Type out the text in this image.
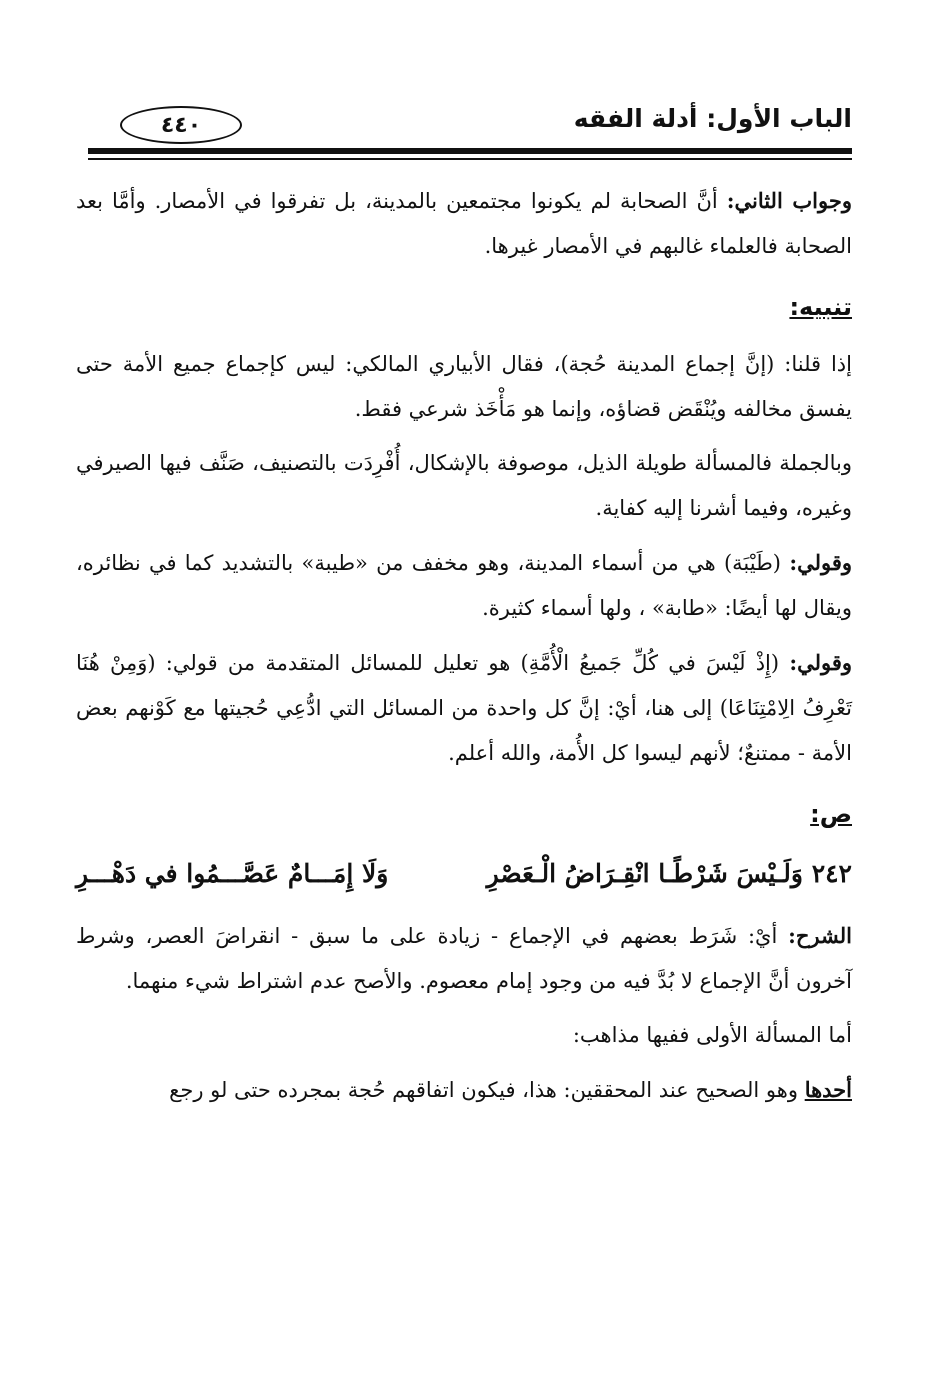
الباب الأول: أدلة الفقه
٤٤٠

وجواب الثاني: أنَّ الصحابة لم يكونوا مجتمعين بالمدينة، بل تفرقوا في الأمصار. وأمَّا بعد الصحابة فالعلماء غالبهم في الأمصار غيرها.

تنبيه:

إذا قلنا: (إنَّ إجماع المدينة حُجة)، فقال الأبياري المالكي: ليس كإجماع جميع الأمة حتى يفسق مخالفه ويُنْقَض قضاؤه، وإنما هو مَأْخَذ شرعي فقط.

وبالجملة فالمسألة طويلة الذيل، موصوفة بالإشكال، أُفْرِدَت بالتصنيف، صَنَّف فيها الصيرفي وغيره، وفيما أشرنا إليه كفاية.

وقولي: (طَيْبَة) هي من أسماء المدينة، وهو مخفف من «طيبة» بالتشديد كما في نظائره، ويقال لها أيضًا: «طابة» ، ولها أسماء كثيرة.

وقولي: (إِذْ لَيْسَ في كُلِّ جَميعُ الْأُمَّةِ) هو تعليل للمسائل المتقدمة من قولي: (وَمِنْ هُنَا تَعْرِفُ الِامْتِنَاعَا) إلى هنا، أيْ: إنَّ كل واحدة من المسائل التي ادُّعِي حُجيتها مع كَوْنهم بعض الأمة - ممتنعٌ؛ لأنهم ليسوا كل الأُمة، والله أعلم.

ص:
٢٤٢ وَلَـيْسَ شَرْطًـا انْقِـرَاضُ الْـعَصْرِ
وَلَا إِمَـــامٌ عَصَّـــمُوا في دَهْـــرِ

الشرح: أيْ: شَرَط بعضهم في الإجماع - زيادة على ما سبق - انقراضَ العصر، وشرط آخرون أنَّ الإجماع لا بُدَّ فيه من وجود إمام معصوم. والأصح عدم اشتراط شيء منهما.

أما المسألة الأولى ففيها مذاهب:

أحدها وهو الصحيح عند المحققين: هذا، فيكون اتفاقهم حُجة بمجرده حتى لو رجع
